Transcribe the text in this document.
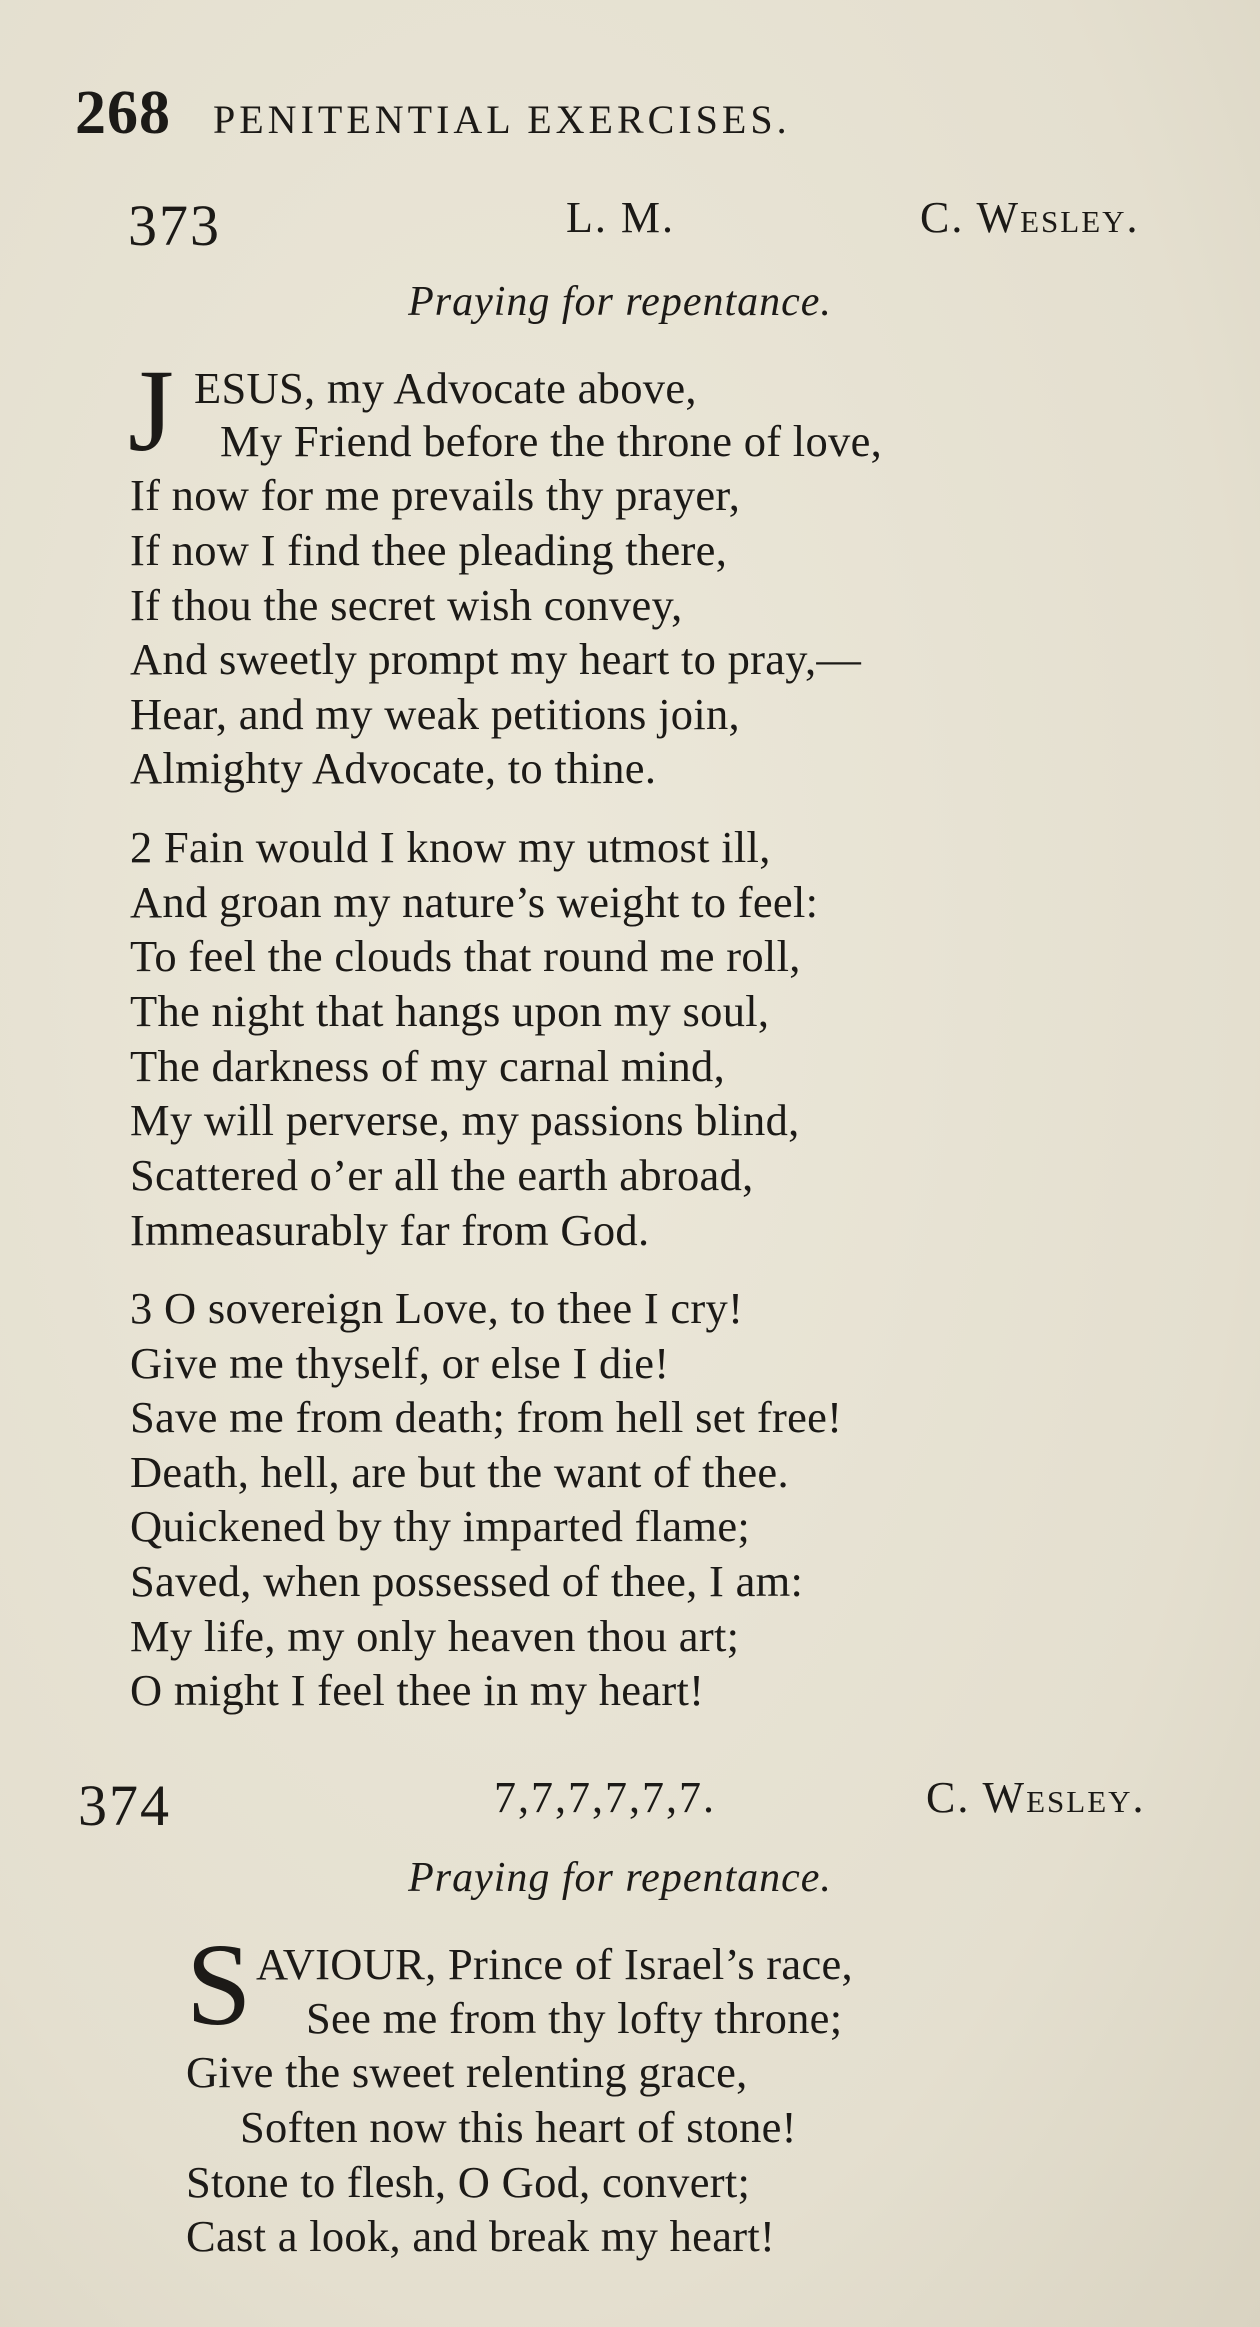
268 PENITENTIAL EXERCISES.
373	L. M.	C. Wesley.
Praying for repentance.
J ESUS, my Advocate above,
My Friend before the throne of love,
If now for me prevails thy prayer,
If now I find thee pleading there,
If thou the secret wish convey,
And sweetly prompt my heart to pray,—
Hear, and my weak petitions join,
Almighty Advocate, to thine.
2 Fain would I know my utmost ill,
And groan my nature’s weight to feel:
To feel the clouds that round me roll,
The night that hangs upon my soul,
The darkness of my carnal mind,
My will perverse, my passions blind,
Scattered o’er all the earth abroad,
Immeasurably far from God.
3 O sovereign Love, to thee I cry!
Give me thyself, or else I die!
Save me from death; from hell set free!
Death, hell, are but the want of thee.
Quickened by thy imparted flame;
Saved, when possessed of thee, I am:
My life, my only heaven thou art;
O might I feel thee in my heart!
374	7,7,7,7,7,7.	C. Wesley.
Praying for repentance.
S AVIOUR, Prince of Israel’s race,
See me from thy lofty throne;
Give the sweet relenting grace,
Soften now this heart of stone!
Stone to flesh, O God, convert;
Cast a look, and break my heart!
